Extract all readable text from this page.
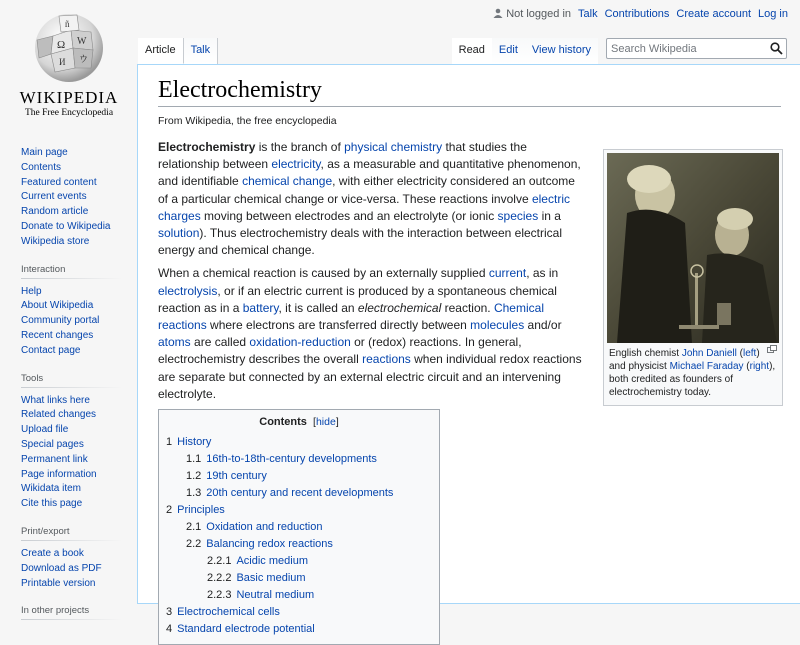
Not logged in Talk Contributions Create account Log in
Ω W
И ウ
ñ
WIKIPEDIA
The Free Encyclopedia
Article	Talk	Read	Edit	View history
Search Wikipedia
Main page
Contents
Featured content
Current events
Random article
Donate to Wikipedia
Wikipedia store
Interaction
Help
About Wikipedia
Community portal
Recent changes
Contact page
Tools
What links here
Related changes
Upload file
Special pages
Permanent link
Page information
Wikidata item
Cite this page
Print/export
Create a book
Download as PDF
Printable version
In other projects
Electrochemistry
From Wikipedia, the free encyclopedia

Electrochemistry is the branch of physical chemistry that studies the relationship between electricity, as a measurable and quantitative phenomenon, and identifiable chemical change, with either electricity considered an outcome of a particular chemical change or vice-versa. These reactions involve electric charges moving between electrodes and an electrolyte (or ionic species in a solution). Thus electrochemistry deals with the interaction between electrical energy and chemical change.

When a chemical reaction is caused by an externally supplied current, as in electrolysis, or if an electric current is produced by a spontaneous chemical reaction as in a battery, it is called an electrochemical reaction. Chemical reactions where electrons are transferred directly between molecules and/or atoms are called oxidation-reduction or (redox) reactions. In general, electrochemistry describes the overall reactions when individual redox reactions are separate but connected by an external electric circuit and an intervening electrolyte.

Contents [hide]
1 History
1.1 16th-to-18th-century developments
1.2 19th century
1.3 20th century and recent developments
2 Principles
2.1 Oxidation and reduction
2.2 Balancing redox reactions
2.2.1 Acidic medium
2.2.2 Basic medium
2.2.3 Neutral medium
3 Electrochemical cells
4 Standard electrode potential
English chemist John Daniell (left) and physicist Michael Faraday (right), both credited as founders of electrochemistry today.
